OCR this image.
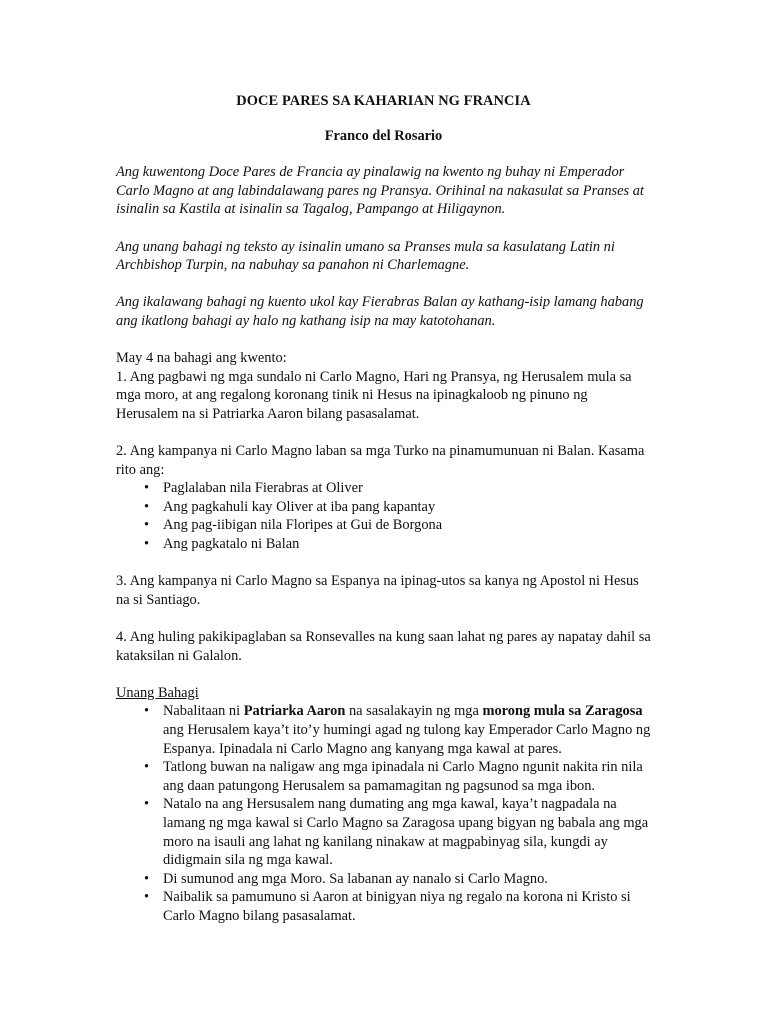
DOCE PARES SA KAHARIAN NG FRANCIA

Franco del Rosario

Ang kuwentong Doce Pares de Francia ay pinalawig na kwento ng buhay ni Emperador Carlo Magno at ang labindalawang pares ng Pransya. Orihinal na nakasulat sa Pranses at isinalin sa Kastila at isinalin sa Tagalog, Pampango at Hiligaynon.

Ang unang bahagi ng teksto ay isinalin umano sa Pranses mula sa kasulatang Latin ni Archbishop Turpin, na nabuhay sa panahon ni Charlemagne.

Ang ikalawang bahagi ng kuento ukol kay Fierabras Balan ay kathang-isip lamang habang ang ikatlong bahagi ay halo ng kathang isip na may katotohanan.

May 4 na bahagi ang kwento:

1. Ang pagbawi ng mga sundalo ni Carlo Magno, Hari ng Pransya, ng Herusalem mula sa mga moro, at ang regalong koronang tinik ni Hesus na ipinagkaloob ng pinuno ng Herusalem na si Patriarka Aaron bilang pasasalamat.

2. Ang kampanya ni Carlo Magno laban sa mga Turko na pinamumunuan ni Balan. Kasama rito ang:

• Paglalaban nila Fierabras at Oliver
• Ang pagkahuli kay Oliver at iba pang kapantay
• Ang pag-iibigan nila Floripes at Gui de Borgona
• Ang pagkatalo ni Balan

3. Ang kampanya ni Carlo Magno sa Espanya na ipinag-utos sa kanya ng Apostol ni Hesus na si Santiago.

4. Ang huling pakikipaglaban sa Ronsevalles na kung saan lahat ng pares ay napatay dahil sa kataksilan ni Galalon.

Unang Bahagi

• Nabalitaan ni Patriarka Aaron na sasalakayin ng mga morong mula sa Zaragosa ang Herusalem kaya’t ito’y humingi agad ng tulong kay Emperador Carlo Magno ng Espanya. Ipinadala ni Carlo Magno ang kanyang mga kawal at pares.
• Tatlong buwan na naligaw ang mga ipinadala ni Carlo Magno ngunit nakita rin nila ang daan patungong Herusalem sa pamamagitan ng pagsunod sa mga ibon.
• Natalo na ang Hersusalem nang dumating ang mga kawal, kaya’t nagpadala na lamang ng mga kawal si Carlo Magno sa Zaragosa upang bigyan ng babala ang mga moro na isauli ang lahat ng kanilang ninakaw at magpabinyag sila, kungdi ay didigmain sila ng mga kawal.
• Di sumunod ang mga Moro. Sa labanan ay nanalo si Carlo Magno.
• Naibalik sa pamumuno si Aaron at binigyan niya ng regalo na korona ni Kristo si Carlo Magno bilang pasasalamat.
